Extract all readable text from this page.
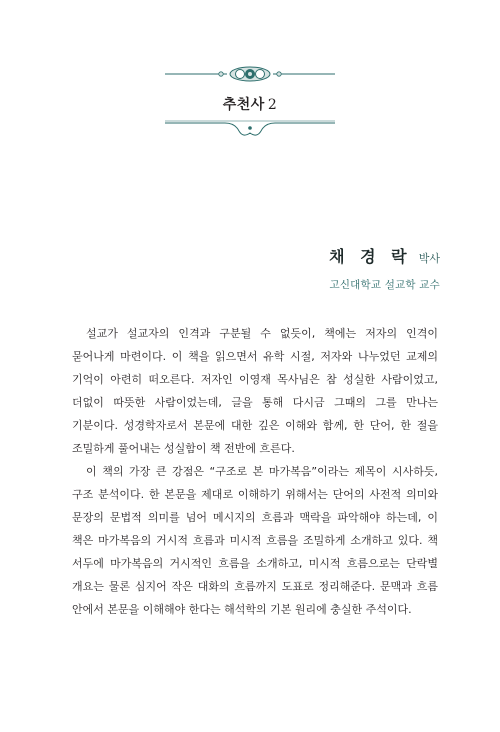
추천사 2
채 경 락 박사
고신대학교 설교학 교수

설교가 설교자의 인격과 구분될 수 없듯이, 책에는 저자의 인격이 묻어나게 마련이다. 이 책을 읽으면서 유학 시절, 저자와 나누었던 교제의 기억이 아련히 떠오른다. 저자인 이영재 목사님은 참 성실한 사람이었고, 더없이 따뜻한 사람이었는데, 글을 통해 다시금 그때의 그를 만나는 기분이다. 성경학자로서 본문에 대한 깊은 이해와 함께, 한 단어, 한 절을 조밀하게 풀어내는 성실함이 책 전반에 흐른다.

이 책의 가장 큰 강점은 “구조로 본 마가복음”이라는 제목이 시사하듯, 구조 분석이다. 한 본문을 제대로 이해하기 위해서는 단어의 사전적 의미와 문장의 문법적 의미를 넘어 메시지의 흐름과 맥락을 파악해야 하는데, 이 책은 마가복음의 거시적 흐름과 미시적 흐름을 조밀하게 소개하고 있다. 책 서두에 마가복음의 거시적인 흐름을 소개하고, 미시적 흐름으로는 단락별 개요는 물론 심지어 작은 대화의 흐름까지 도표로 정리해준다. 문맥과 흐름 안에서 본문을 이해해야 한다는 해석학의 기본 원리에 충실한 주석이다.
